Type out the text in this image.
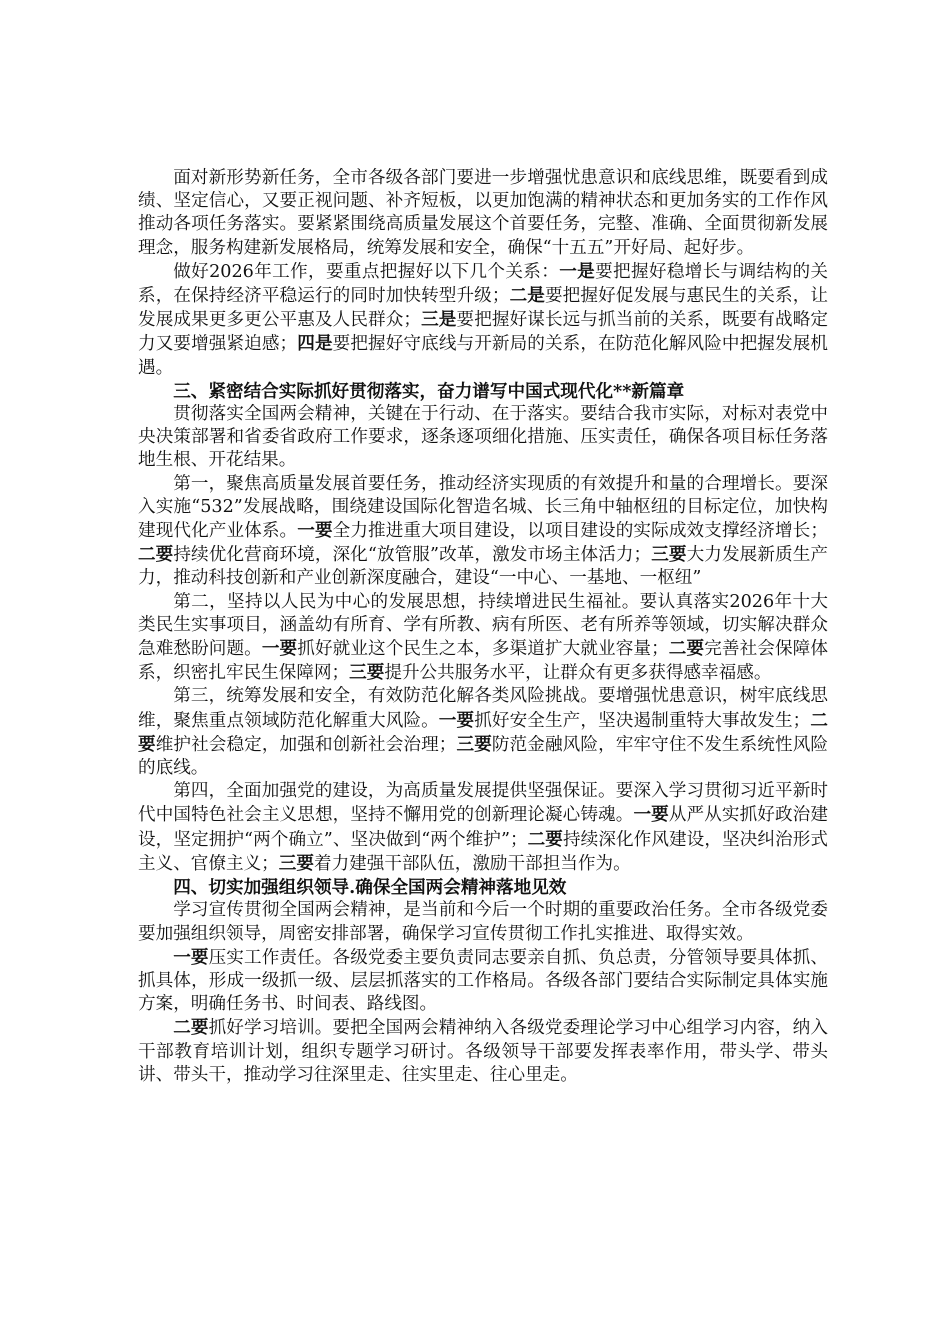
面对新形势新任务，全市各级各部门要进一步增强忧患意识和底线思维，既要看到成绩、坚定信心，又要正视问题、补齐短板，以更加饱满的精神状态和更加务实的工作作风推动各项任务落实。要紧紧围绕高质量发展这个首要任务，完整、准确、全面贯彻新发展理念，服务构建新发展格局，统筹发展和安全，确保“十五五”开好局、起好步。

做好2026年工作，要重点把握好以下几个关系：一是要把握好稳增长与调结构的关系，在保持经济平稳运行的同时加快转型升级；二是要把握好促发展与惠民生的关系，让发展成果更多更公平惠及人民群众；三是要把握好谋长远与抓当前的关系，既要有战略定力又要增强紧迫感；四是要把握好守底线与开新局的关系，在防范化解风险中把握发展机遇。

三、紧密结合实际抓好贯彻落实，奋力谱写中国式现代化**新篇章

贯彻落实全国两会精神，关键在于行动、在于落实。要结合我市实际，对标对表党中央决策部署和省委省政府工作要求，逐条逐项细化措施、压实责任，确保各项目标任务落地生根、开花结果。

第一，聚焦高质量发展首要任务，推动经济实现质的有效提升和量的合理增长。要深入实施“532”发展战略，围绕建设国际化智造名城、长三角中轴枢纽的目标定位，加快构建现代化产业体系。一要全力推进重大项目建设，以项目建设的实际成效支撑经济增长；二要持续优化营商环境，深化“放管服”改革，激发市场主体活力；三要大力发展新质生产力，推动科技创新和产业创新深度融合，建设“一中心、一基地、一枢纽”

第二，坚持以人民为中心的发展思想，持续增进民生福祉。要认真落实2026年十大类民生实事项目，涵盖幼有所育、学有所教、病有所医、老有所养等领域，切实解决群众急难愁盼问题。一要抓好就业这个民生之本，多渠道扩大就业容量；二要完善社会保障体系，织密扎牢民生保障网；三要提升公共服务水平，让群众有更多获得感幸福感。

第三，统筹发展和安全，有效防范化解各类风险挑战。要增强忧患意识，树牢底线思维，聚焦重点领域防范化解重大风险。一要抓好安全生产，坚决遏制重特大事故发生；二要维护社会稳定，加强和创新社会治理；三要防范金融风险，牢牢守住不发生系统性风险的底线。

第四，全面加强党的建设，为高质量发展提供坚强保证。要深入学习贯彻习近平新时代中国特色社会主义思想，坚持不懈用党的创新理论凝心铸魂。一要从严从实抓好政治建设，坚定拥护“两个确立”、坚决做到“两个维护”；二要持续深化作风建设，坚决纠治形式主义、官僚主义；三要着力建强干部队伍，激励干部担当作为。

四、切实加强组织领导.确保全国两会精神落地见效

学习宣传贯彻全国两会精神，是当前和今后一个时期的重要政治任务。全市各级党委要加强组织领导，周密安排部署，确保学习宣传贯彻工作扎实推进、取得实效。

一要压实工作责任。各级党委主要负责同志要亲自抓、负总责，分管领导要具体抓、抓具体，形成一级抓一级、层层抓落实的工作格局。各级各部门要结合实际制定具体实施方案，明确任务书、时间表、路线图。

二要抓好学习培训。要把全国两会精神纳入各级党委理论学习中心组学习内容，纳入干部教育培训计划，组织专题学习研讨。各级领导干部要发挥表率作用，带头学、带头讲、带头干，推动学习往深里走、往实里走、往心里走。
